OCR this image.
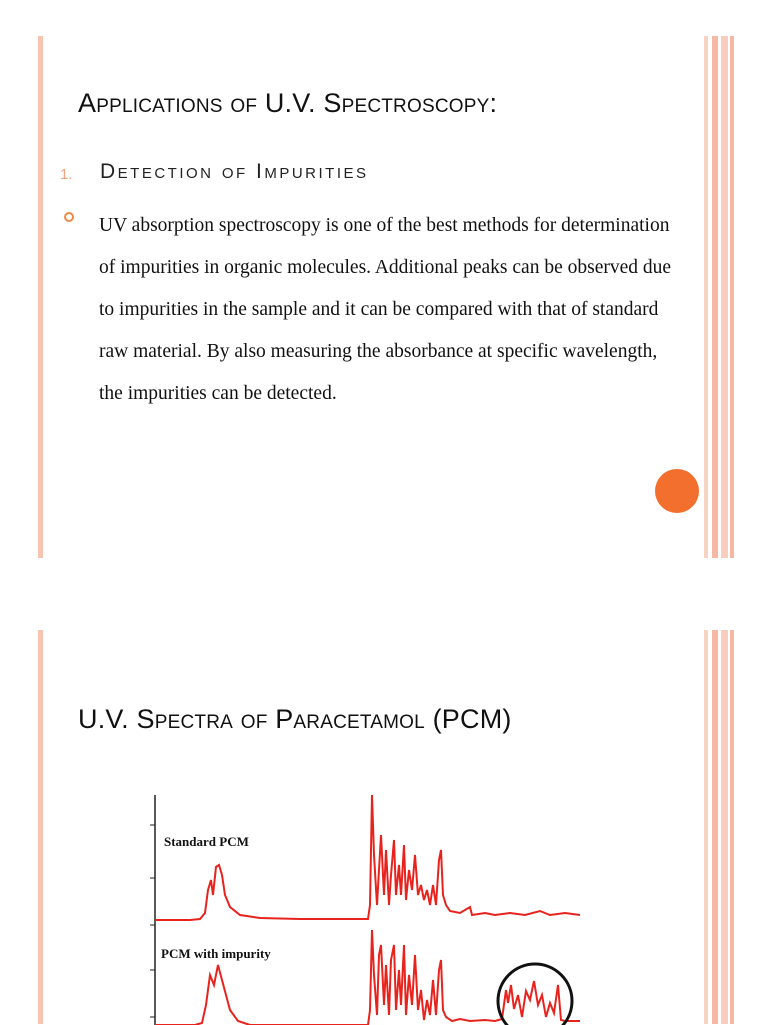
Applications of U.V. Spectroscopy:
1. Detection of Impurities
UV absorption spectroscopy is one of the best methods for determination of impurities in organic molecules. Additional peaks can be observed due to impurities in the sample and it can be compared with that of standard raw material. By also measuring the absorbance at specific wavelength, the impurities can be detected.
U.V. Spectra of Paracetamol (PCM)
Standard PCM
PCM with impurity
